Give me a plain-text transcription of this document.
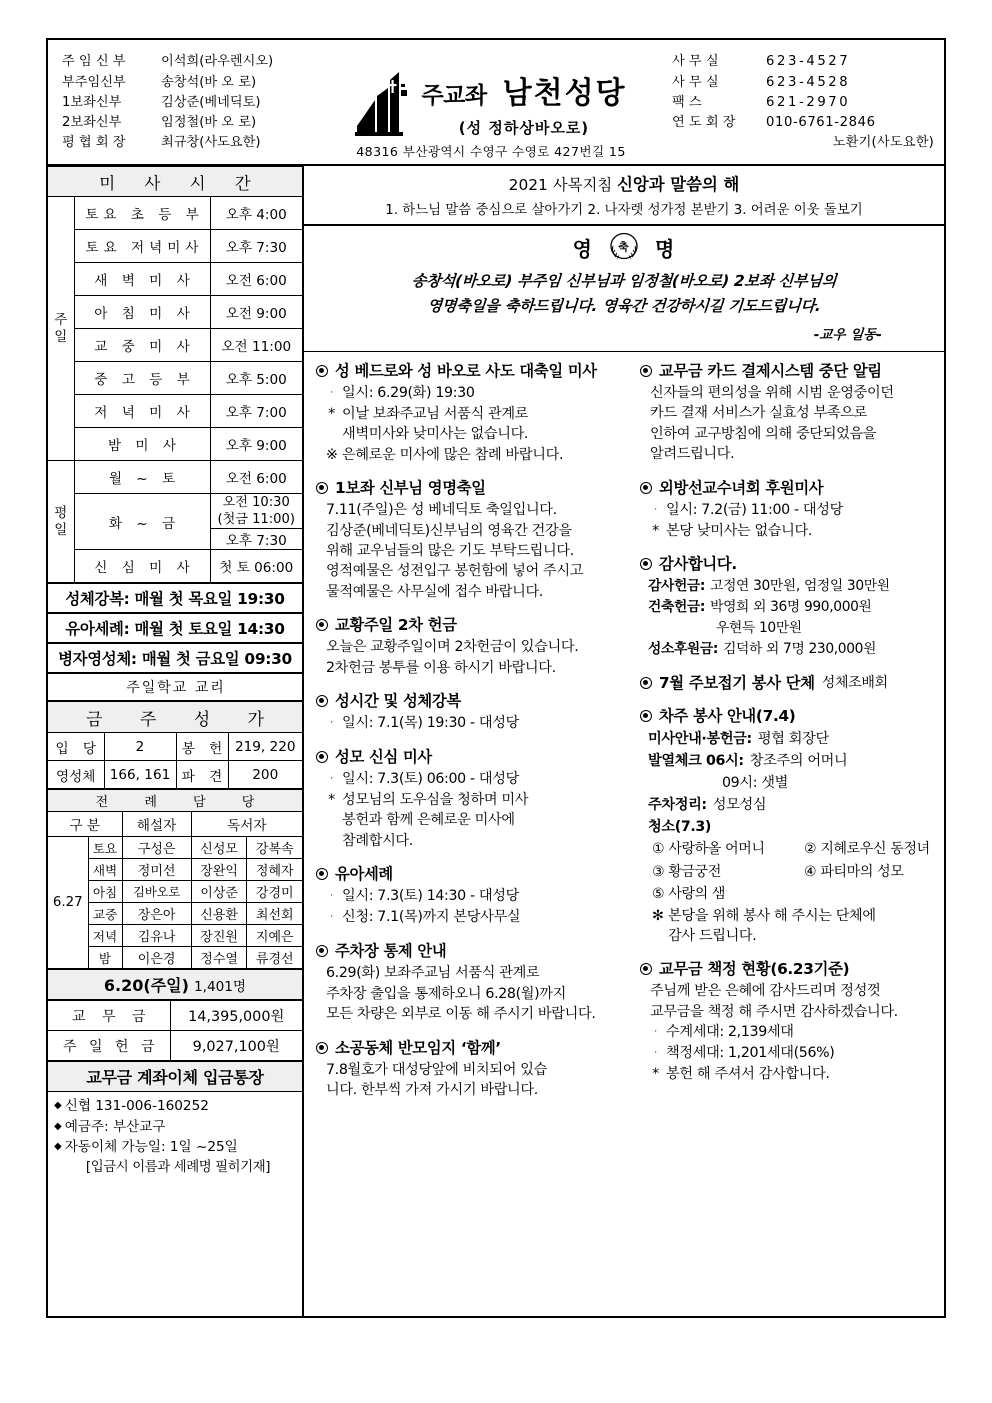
주 임 신 부	이석희(라우렌시오)
부주임신부	송창석(바 오 로)
1보좌신부	김상준(베네딕토)
2보좌신부	임정철(바 오 로)
평 협 회 장	최규창(사도요한)
주교좌 남천성당
(성 정하상바오로)
48316 부산광역시 수영구 수영로 427번길 15
사 무 실	623-4527
사 무 실	623-4528
팩 스	621-2970
연 도 회 장	010-6761-2846
노환기(사도요한)
미 사 시 간		
주일	토요 초 등 부	오후 4:00
	토요 저녁미사	오후 7:30
	새 벽 미 사	오전 6:00
	아 침 미 사	오전 9:00
	교 중 미 사	오전 11:00
	중 고 등 부	오후 5:00
	저 녁 미 사	오후 7:00
	밤 미 사	오후 9:00
평일	월 ~ 토	오전 6:00
	화 ~ 금	오전 10:30
(첫금 11:00)

		오후 7:30
	신 심 미 사	첫 토 06:00
성체강복: 매월 첫 목요일 19:30
유아세례: 매월 첫 토요일 14:30
병자영성체: 매월 첫 금요일 09:30
주일학교 교리
금 주 성 가			
입 당	2	봉 헌	219, 220
영성체	166, 161	파 견	200
전 례 담 당				
구 분		해설자	독서자	
6.27	토요	구성은	신성모	강복속
	새벽	정미선	장완익	정혜자
	아침	김바오로	이상준	강경미
	교중	장은아	신용환	최선회
	저녁	김유나	장진원	지예은
	밤	이은경	정수열	류경선
6.20(주일) 1,401명
교 무 금	14,395,000원
주 일 헌 금	9,027,100원
교무금 계좌이체 입금통장
◆ 신협 131-006-160252
◆ 예금주: 부산교구
◆ 자동이체 가능일: 1일 ~25일
[입금시 이름과 세례명 필히기재]
2021 사목지침 신앙과 말씀의 해
1. 하느님 말씀 중심으로 살아가기 2. 나자렛 성가정 본받기 3. 어려운 이웃 돌보기
영 축 명
송창석(바오로) 부주임 신부님과 임정철(바오로) 2보좌 신부님의
영명축일을 축하드립니다. 영육간 건강하시길 기도드립니다.
-교우 일동-
성 베드로와 성 바오로 사도 대축일 미사
· 일시: 6.29(화) 19:30
* 이날 보좌주교님 서품식 관계로
새벽미사와 낮미사는 없습니다.
※ 은혜로운 미사에 많은 참례 바랍니다.
1보좌 신부님 영명축일
7.11(주일)은 성 베네딕토 축일입니다.
김상준(베네딕토)신부님의 영육간 건강을
위해 교우님들의 많은 기도 부탁드립니다.
영적예물은 성전입구 봉헌함에 넣어 주시고
물적예물은 사무실에 접수 바랍니다.
교황주일 2차 헌금
오늘은 교황주일이며 2차헌금이 있습니다.
2차헌금 봉투를 이용 하시기 바랍니다.
성시간 및 성체강복
· 일시: 7.1(목) 19:30 - 대성당
성모 신심 미사
· 일시: 7.3(토) 06:00 - 대성당
* 성모님의 도우심을 청하며 미사
봉헌과 함께 은혜로운 미사에
참례합시다.
유아세례
· 일시: 7.3(토) 14:30 - 대성당
· 신청: 7.1(목)까지 본당사무실
주차장 통제 안내
6.29(화) 보좌주교님 서품식 관계로
주차장 출입을 통제하오니 6.28(월)까지
모든 차량은 외부로 이동 해 주시기 바랍니다.
소공동체 반모임지 ‘함께’
7.8월호가 대성당앞에 비치되어 있습
니다. 한부씩 가져 가시기 바랍니다.
교무금 카드 결제시스템 중단 알림
신자들의 편의성을 위해 시범 운영중이던
카드 결재 서비스가 실효성 부족으로
인하여 교구방침에 의해 중단되었음을
알려드립니다.
외방선교수녀회 후원미사
· 일시: 7.2(금) 11:00 - 대성당
* 본당 낮미사는 없습니다.
감사합니다.
감사헌금: 고정연 30만원, 엄정일 30만원
건축헌금: 박영희 외 36명 990,000원
우현득 10만원
성소후원금: 김덕하 외 7명 230,000원
7월 주보접기 봉사 단체 성체조배회
차주 봉사 안내(7.4)
미사안내·봉헌금: 평협 회장단
발열체크 06시: 창조주의 어머니
09시: 샛별
주차정리: 성모성심
청소(7.3)
① 사랑하올 어머니	② 지혜로우신 동정녀
③ 황금궁전	④ 파티마의 성모
⑤ 사랑의 샘
✻ 본당을 위해 봉사 해 주시는 단체에
감사 드립니다.
교무금 책정 현황(6.23기준)
주님께 받은 은혜에 감사드리며 정성껏
교무금을 책정 해 주시면 감사하겠습니다.
· 수계세대: 2,139세대
· 책정세대: 1,201세대(56%)
* 봉헌 해 주셔서 감사합니다.
